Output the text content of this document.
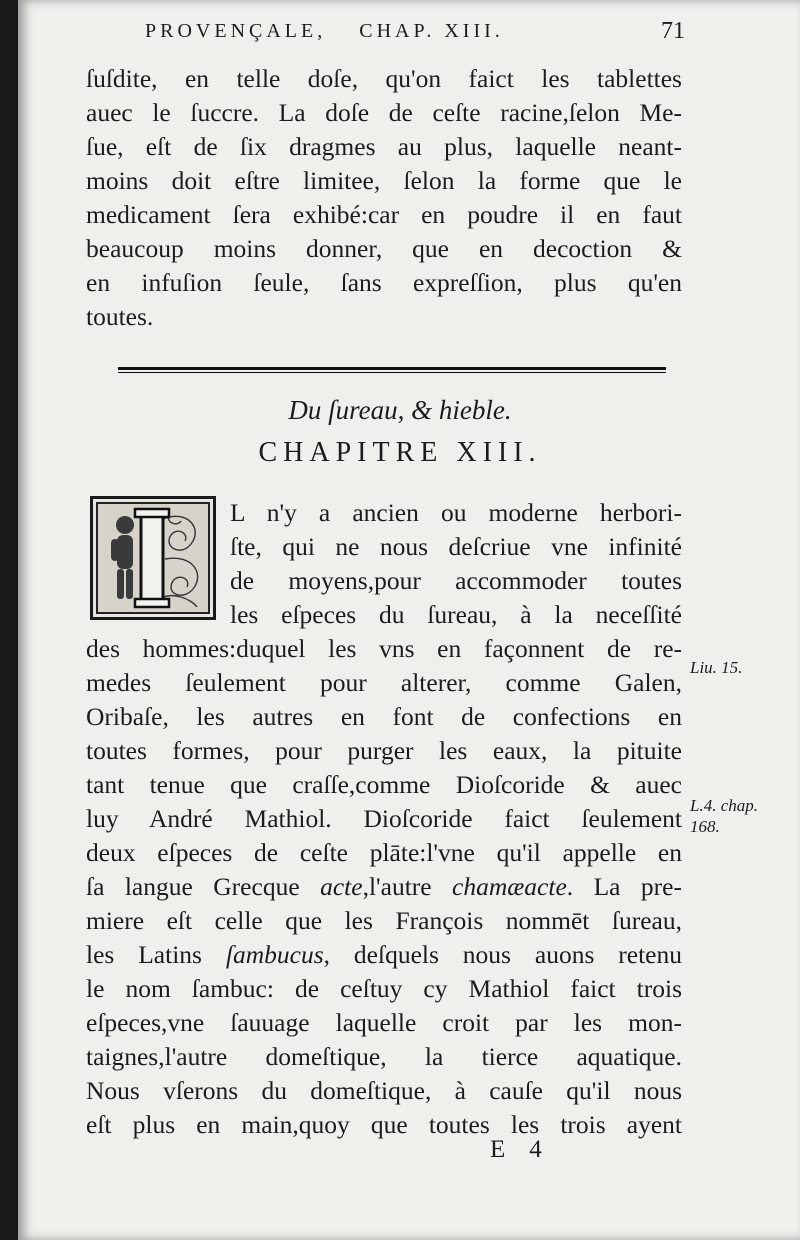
PROVENÇALE, CHAP. XIII.	71
ſuſdite, en telle doſe, qu'on faict les tablettes
auec le ſuccre. La doſe de ceſte racine,ſelon Me-
ſue, eſt de ſix dragmes au plus, laquelle neant-
moins doit eſtre limitee, ſelon la forme que le
medicament ſera exhibé:car en poudre il en faut
beaucoup moins donner, que en decoction &
en infuſion ſeule, ſans expreſſion, plus qu'en
toutes.
Du ſureau, & hieble.
CHAPITRE XIII.
L n'y a ancien ou moderne herbori-
ſte, qui ne nous deſcriue vne infinité
de moyens,pour accommoder toutes
les eſpeces du ſureau, à la neceſſité
des hommes:duquel les vns en façonnent de re-
medes ſeulement pour alterer, comme Galen,
Oribaſe, les autres en font de confections en
toutes formes, pour purger les eaux, la pituite
tant tenue que craſſe,comme Dioſcoride & auec
luy André Mathiol. Dioſcoride faict ſeulement
deux eſpeces de ceſte plāte:l'vne qu'il appelle en
ſa langue Grecque acte,l'autre chamæacte. La pre-
miere eſt celle que les François nommēt ſureau,
les Latins ſambucus, deſquels nous auons retenu
le nom ſambuc: de ceſtuy cy Mathiol faict trois
eſpeces,vne ſauuage laquelle croit par les mon-
taignes,l'autre domeſtique, la tierce aquatique.
Nous vſerons du domeſtique, à cauſe qu'il nous
eſt plus en main,quoy que toutes les trois ayent
Liu. 15.
L.4. chap.
168.
E 4
